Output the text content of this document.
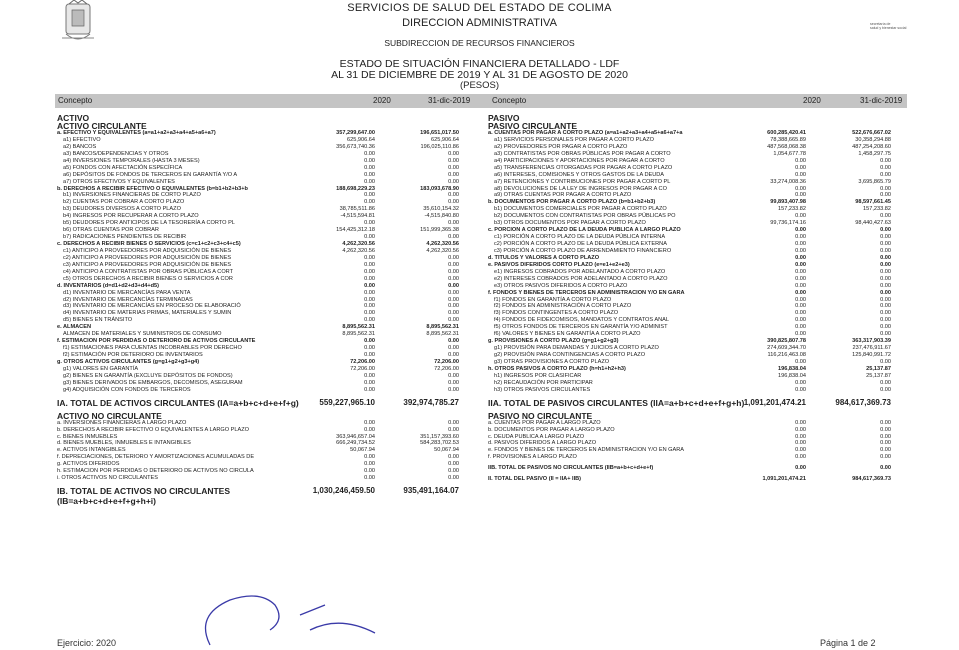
SERVICIOS DE SALUD DEL ESTADO DE COLIMA
DIRECCION ADMINISTRATIVA
SUBDIRECCION DE RECURSOS FINANCIEROS
ESTADO DE SITUACIÓN FINANCIERA DETALLADO - LDF
AL 31 DE DICIEMBRE DE 2019 Y AL 31 DE AGOSTO DE 2020
(PESOS)
secretaría de
salud y bienestar social
Concepto	2020	31-dic-2019	Concepto	2020	31-dic-2019
ACTIVO
ACTIVO CIRCULANTE
a. EFECTIVO Y EQUIVALENTES (a=a1+a2+a3+a4+a5+a6+a7)	357,299,647.00	196,651,017.50
a1) EFECTIVO	625,906.64	625,906.64
a2) BANCOS	356,673,740.36	196,025,110.86
a3) BANCOS/DEPENDENCIAS Y OTROS	0.00	0.00
a4) INVERSIONES TEMPORALES (HASTA 3 MESES)	0.00	0.00
a5) FONDOS CON AFECTACIÓN ESPECÍFICA	0.00	0.00
a6) DEPÓSITOS DE FONDOS DE TERCEROS EN GARANTÍA Y/O A	0.00	0.00
a7) OTROS EFECTIVOS Y EQUIVALENTES	0.00	0.00
b. DERECHOS A RECIBIR EFECTIVO O EQUIVALENTES (b=b1+b2+b3+b	188,698,229.23	183,093,678.90
b1) INVERSIONES FINANCIERAS DE CORTO PLAZO	0.00	0.00
b2) CUENTAS POR COBRAR A CORTO PLAZO	0.00	0.00
b3) DEUDORES DIVERSOS A CORTO PLAZO	38,785,511.86	35,610,154.32
b4) INGRESOS POR RECUPERAR A CORTO PLAZO	-4,515,594.81	-4,515,840.80
b5) DEUDORES POR ANTICIPOS DE LA TESORERÍA A CORTO PL	0.00	0.00
b6) OTRAS CUENTAS POR COBRAR	154,425,312.18	151,999,365.38
b7) RADICACIONES PENDIENTES DE RECIBIR	0.00	0.00
c. DERECHOS A RECIBIR BIENES O SERVICIOS (c=c1+c2+c3+c4+c5)	4,262,320.56	4,262,320.56
c1) ANTICIPO A PROVEEDORES POR ADQUISICIÓN DE BIENES	4,262,320.56	4,262,320.56
c2) ANTICIPO A PROVEEDORES POR ADQUISICIÓN DE BIENES	0.00	0.00
c3) ANTICIPO A PROVEEDORES POR ADQUISICIÓN DE BIENES	0.00	0.00
c4) ANTICIPO A CONTRATISTAS POR OBRAS PÚBLICAS A CORT	0.00	0.00
c5) OTROS DERECHOS A RECIBIR BIENES O SERVICIOS A COR	0.00	0.00
d. INVENTARIOS (d=d1+d2+d3+d4+d5)	0.00	0.00
d1) INVENTARIO DE MERCANCÍAS PARA VENTA	0.00	0.00
d2) INVENTARIO DE MERCANCÍAS TERMINADAS	0.00	0.00
d3) INVENTARIO DE MERCANCÍAS EN PROCESO DE ELABORACIÓ	0.00	0.00
d4) INVENTARIO DE MATERIAS PRIMAS, MATERIALES Y SUMIN	0.00	0.00
d5) BIENES EN TRÁNSITO	0.00	0.00
e. ALMACEN	8,895,562.31	8,895,562.31
ALMACEN DE MATERIALES Y SUMINISTROS DE CONSUMO	8,895,562.31	8,895,562.31
f. ESTIMACION POR PERDIDAS O DETERIORO DE ACTIVOS CIRCULANTE	0.00	0.00
f1) ESTIMACIONES PARA CUENTAS INCOBRABLES POR DERECHO	0.00	0.00
f2) ESTIMACIÓN POR DETERIORO DE INVENTARIOS	0.00	0.00
g. OTROS ACTIVOS CIRCULANTES (g=g1+g2+g3+g4)	72,206.00	72,206.00
g1) VALORES EN GARANTÍA	72,206.00	72,206.00
g2) BIENES EN GARANTÍA (EXCLUYE DEPÓSITOS DE FONDOS)	0.00	0.00
g3) BIENES DERIVADOS DE EMBARGOS, DECOMISOS, ASEGURAM	0.00	0.00
g4) ADQUISICIÓN CON FONDOS DE TERCEROS	0.00	0.00
IA. TOTAL DE ACTIVOS CIRCULANTES (IA=a+b+c+d+e+f+g)	559,227,965.10	392,974,785.27
ACTIVO NO CIRCULANTE
a. INVERSIONES FINANCIERAS A LARGO PLAZO	0.00	0.00
b. DERECHOS A RECIBIR EFECTIVO O EQUIVALENTES A LARGO PLAZO	0.00	0.00
c. BIENES INMUEBLES	363,946,657.04	351,157,393.60
d. BIENES MUEBLES, INMUEBLES E INTANGIBLES	666,249,734.52	584,283,702.53
e. ACTIVOS INTANGIBLES	50,067.94	50,067.94
f. DEPRECIACIONES, DETERIORO Y AMORTIZACIONES ACUMULADAS DE	0.00	0.00
g. ACTIVOS DIFERIDOS	0.00	0.00
h. ESTIMACION POR PERDIDAS O DETERIORO DE ACTIVOS NO CIRCULA	0.00	0.00
i. OTROS ACTIVOS NO CIRCULANTES	0.00	0.00
IB. TOTAL DE ACTIVOS NO CIRCULANTES	1,030,246,459.50	935,491,164.07
(IB=a+b+c+d+e+f+g+h+i)
PASIVO
PASIVO CIRCULANTE
a. CUENTAS POR PAGAR A CORTO PLAZO (a=a1+a2+a3+a4+a5+a6+a7+a	600,285,420.41	522,676,667.02
a1) SERVICIOS PERSONALES POR PAGAR A CORTO PLAZO	78,388,665.89	30,358,294.88
a2) PROVEEDORES POR PAGAR A CORTO PLAZO	487,568,068.38	487,254,208.60
a3) CONTRATISTAS POR OBRAS PÚBLICAS POR PAGAR A CORTO	1,054,677.78	1,458,297.75
a4) PARTICIPACIONES Y APORTACIONES POR PAGAR A CORTO	0.00	0.00
a5) TRANSFERENCIAS OTORGADAS POR PAGAR A CORTO PLAZO	0.00	0.00
a6) INTERESES, COMISIONES Y OTROS GASTOS DE LA DEUDA	0.00	0.00
a7) RETENCIONES Y CONTRIBUCIONES POR PAGAR A CORTO PL	33,274,008.36	3,695,865.79
a8) DEVOLUCIONES DE LA LEY DE INGRESOS POR PAGAR A CO	0.00	0.00
a9) OTRAS CUENTAS POR PAGAR A CORTO PLAZO	0.00	0.00
b. DOCUMENTOS POR PAGAR A CORTO PLAZO (b=b1+b2+b3)	99,893,407.98	98,597,661.45
b1) DOCUMENTOS COMERCIALES POR PAGAR A CORTO PLAZO	157,233.82	157,233.82
b2) DOCUMENTOS CON CONTRATISTAS POR OBRAS PÚBLICAS PO	0.00	0.00
b3) OTROS DOCUMENTOS POR PAGAR A CORTO PLAZO	99,736,174.16	98,440,427.63
c. PORCION A CORTO PLAZO DE LA DEUDA PUBLICA A LARGO PLAZO	0.00	0.00
c1) PORCIÓN A CORTO PLAZO DE LA DEUDA PÚBLICA INTERNA	0.00	0.00
c2) PORCIÓN A CORTO PLAZO DE LA DEUDA PÚBLICA EXTERNA	0.00	0.00
c3) PORCIÓN A CORTO PLAZO DE ARRENDAMIENTO FINANCIERO	0.00	0.00
d. TITULOS Y VALORES A CORTO PLAZO	0.00	0.00
e. PASIVOS DIFERIDOS CORTO PLAZO (e=e1+e2+e3)	0.00	0.00
e1) INGRESOS COBRADOS POR ADELANTADO A CORTO PLAZO	0.00	0.00
e2) INTERESES COBRADOS POR ADELANTADO A CORTO PLAZO	0.00	0.00
e3) OTROS PASIVOS DIFERIDOS A CORTO PLAZO	0.00	0.00
f. FONDOS Y BIENES DE TERCEROS EN ADMINISTRACION Y/O EN GARA	0.00	0.00
f1) FONDOS EN GARANTÍA A CORTO PLAZO	0.00	0.00
f2) FONDOS EN ADMINISTRACIÓN A CORTO PLAZO	0.00	0.00
f3) FONDOS CONTINGENTES A CORTO PLAZO	0.00	0.00
f4) FONDOS DE FIDEICOMISOS, MANDATOS Y CONTRATOS ANAL	0.00	0.00
f5) OTROS FONDOS DE TERCEROS EN GARANTÍA Y/O ADMINIST	0.00	0.00
f6) VALORES Y BIENES EN GARANTÍA A CORTO PLAZO	0.00	0.00
g. PROVISIONES A CORTO PLAZO (g=g1+g2+g3)	390,825,807.78	363,317,903.39
g1) PROVISIÓN PARA DEMANDAS Y JUICIOS A CORTO PLAZO	274,609,344.70	237,476,911.67
g2) PROVISIÓN PARA CONTINGENCIAS A CORTO PLAZO	116,216,463.08	125,840,991.72
g3) OTRAS PROVISIONES A CORTO PLAZO	0.00	0.00
h. OTROS PASIVOS A CORTO PLAZO (h=h1+h2+h3)	196,838.04	25,137.87
h1) INGRESOS POR CLASIFICAR	196,838.04	25,137.87
h2) RECAUDACIÓN POR PARTICIPAR	0.00	0.00
h3) OTROS PASIVOS CIRCULANTES	0.00	0.00
IIA. TOTAL DE PASIVOS CIRCULANTES (IIA=a+b+c+d+e+f+g+h) 1,091,201,474.21	984,617,369.73
PASIVO NO CIRCULANTE
a. CUENTAS POR PAGAR A LARGO PLAZO	0.00	0.00
b. DOCUMENTOS POR PAGAR A LARGO PLAZO	0.00	0.00
c. DEUDA PUBLICA A LARGO PLAZO	0.00	0.00
d. PASIVOS DIFERIDOS A LARGO PLAZO	0.00	0.00
e. FONDOS Y BIENES DE TERCEROS EN ADMINISTRACION Y/O EN GARA	0.00	0.00
f. PROVISIONES A LARGO PLAZO	0.00	0.00
IIB. TOTAL DE PASIVOS NO CIRCULANTES (IIB=a+b+c+d+e+f)	0.00	0.00
II. TOTAL DEL PASIVO (II = IIA+ IIB)	1,091,201,474.21	984,617,369.73
Ejercicio: 2020	Página 1 de 2
